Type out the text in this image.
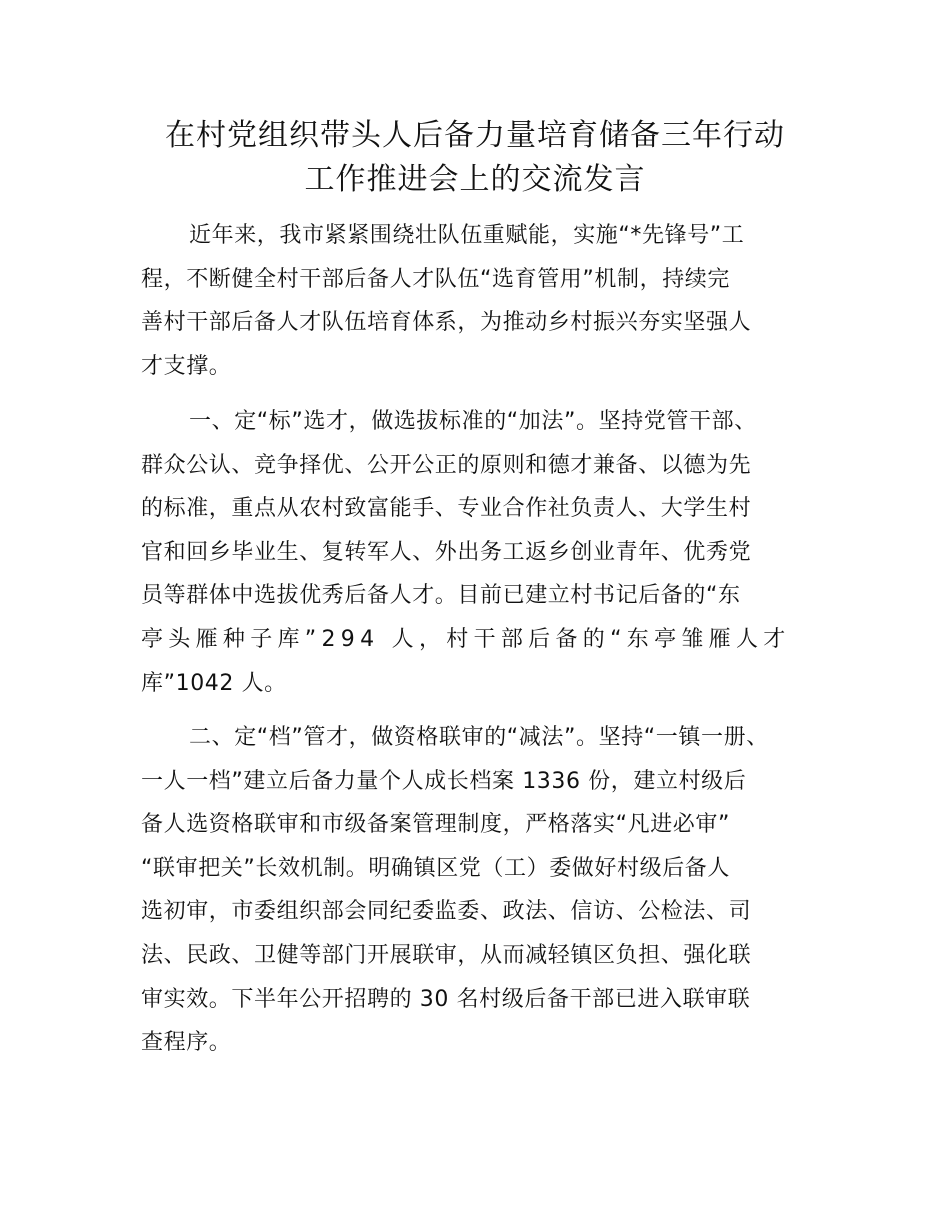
在村党组织带头人后备力量培育储备三年行动
工作推进会上的交流发言
近年来，我市紧紧围绕壮队伍重赋能，实施“*先锋号”工
程，不断健全村干部后备人才队伍“选育管用”机制，持续完
善村干部后备人才队伍培育体系，为推动乡村振兴夯实坚强人
才支撑。
一、定“标”选才，做选拔标准的“加法”。坚持党管干部、
群众公认、竞争择优、公开公正的原则和德才兼备、以德为先
的标准，重点从农村致富能手、专业合作社负责人、大学生村
官和回乡毕业生、复转军人、外出务工返乡创业青年、优秀党
员等群体中选拔优秀后备人才。目前已建立村书记后备的“东
亭头雁种子库”294 人，村干部后备的“东亭雏雁人才
库”1042 人。
二、定“档”管才，做资格联审的“减法”。坚持“一镇一册、
一人一档”建立后备力量个人成长档案 1336 份，建立村级后
备人选资格联审和市级备案管理制度，严格落实“凡进必审”
“联审把关”长效机制。明确镇区党（工）委做好村级后备人
选初审，市委组织部会同纪委监委、政法、信访、公检法、司
法、民政、卫健等部门开展联审，从而减轻镇区负担、强化联
审实效。下半年公开招聘的 30 名村级后备干部已进入联审联
查程序。
